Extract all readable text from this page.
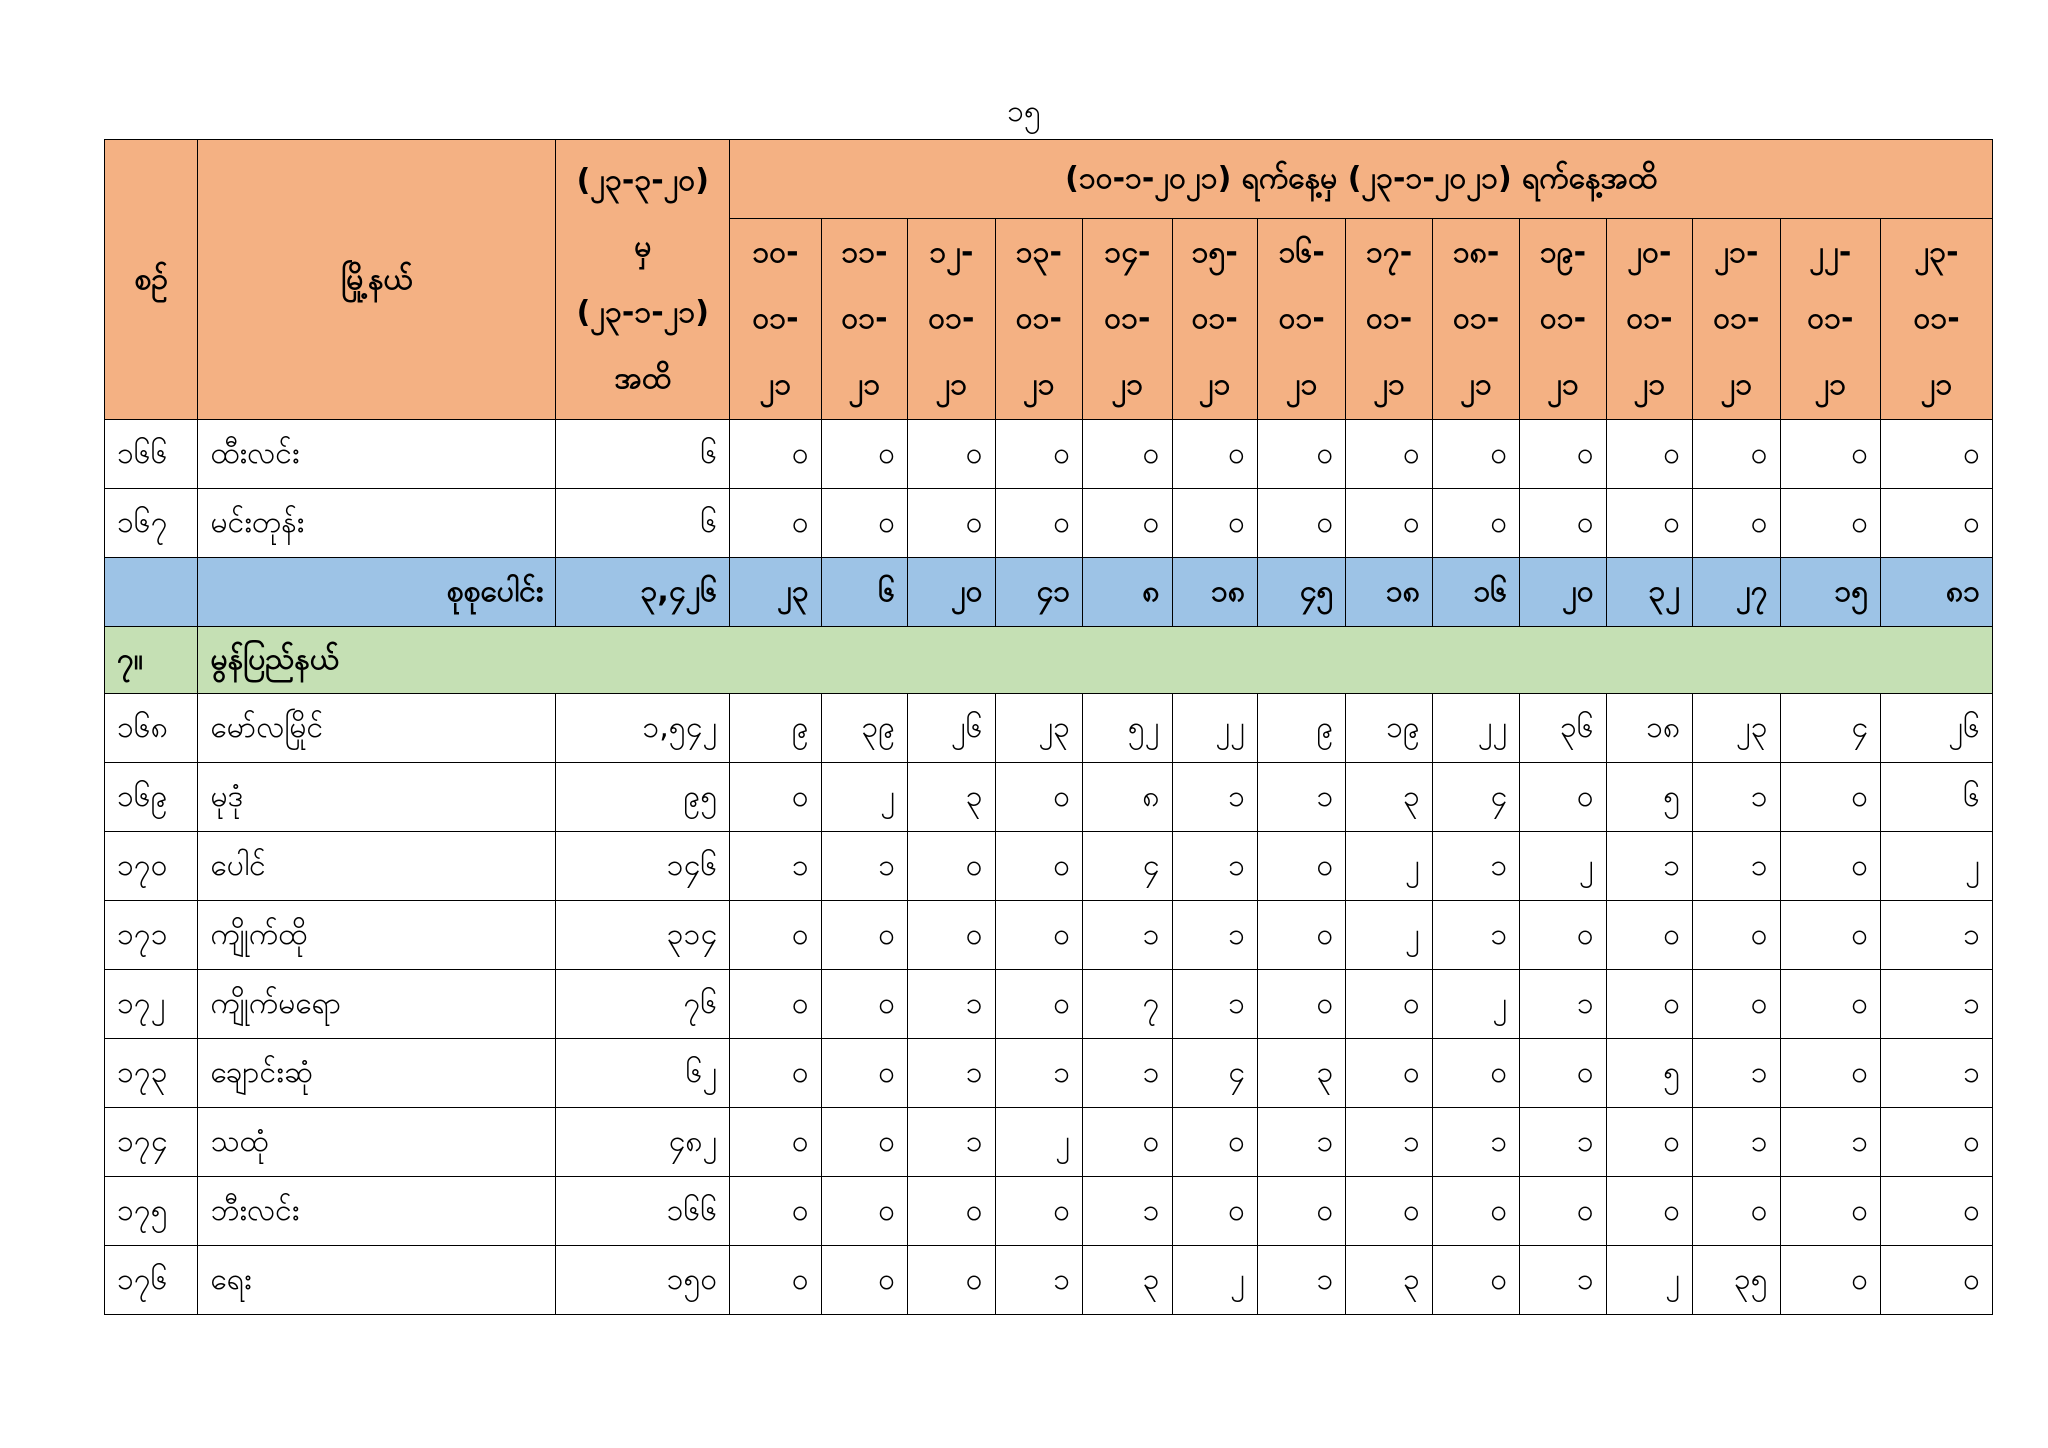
၁၅
စဉ်	မြို့နယ်	(၂၃-၃-၂၀)
မှ
(၂၃-၁-၂၁)
အထိ	(၁၀-၁-၂၀၂၁) ရက်နေ့မှ (၂၃-၁-၂၀၂၁) ရက်နေ့အထိ													

			၁၀-
၀၁-
၂၁	၁၁-
၀၁-
၂၁	၁၂-
၀၁-
၂၁	၁၃-
၀၁-
၂၁	၁၄-
၀၁-
၂၁	၁၅-
၀၁-
၂၁	၁၆-
၀၁-
၂၁	၁၇-
၀၁-
၂၁	၁၈-
၀၁-
၂၁	၁၉-
၀၁-
၂၁	၂၀-
၀၁-
၂၁	၂၁-
၀၁-
၂၁	၂၂-
၀၁-
၂၁	၂၃-
၀၁-
၂၁

၁၆၆	ထီးလင်း	၆	၀	၀	၀	၀	၀	၀	၀	၀	၀	၀	၀	၀	၀	၀
၁၆၇	မင်းတုန်း	၆	၀	၀	၀	၀	၀	၀	၀	၀	၀	၀	၀	၀	၀	၀
	စုစုပေါင်း	၃,၄၂၆	၂၃	၆	၂၀	၄၁	၈	၁၈	၄၅	၁၈	၁၆	၂၀	၃၂	၂၇	၁၅	၈၁
၇။	မွန်ပြည်နယ်															
၁၆၈	မော်လမြိုင်	၁,၅၄၂	၉	၃၉	၂၆	၂၃	၅၂	၂၂	၉	၁၉	၂၂	၃၆	၁၈	၂၃	၄	၂၆
၁၆၉	မုဒုံ	၉၅	၀	၂	၃	၀	၈	၁	၁	၃	၄	၀	၅	၁	၀	၆
၁၇၀	ပေါင်	၁၄၆	၁	၁	၀	၀	၄	၁	၀	၂	၁	၂	၁	၁	၀	၂
၁၇၁	ကျိုက်ထို	၃၁၄	၀	၀	၀	၀	၁	၁	၀	၂	၁	၀	၀	၀	၀	၁
၁၇၂	ကျိုက်မရော	၇၆	၀	၀	၁	၀	၇	၁	၀	၀	၂	၁	၀	၀	၀	၁
၁၇၃	ချောင်းဆုံ	၆၂	၀	၀	၁	၁	၁	၄	၃	၀	၀	၀	၅	၁	၀	၁
၁၇၄	သထုံ	၄၈၂	၀	၀	၁	၂	၀	၀	၁	၁	၁	၁	၀	၁	၁	၀
၁၇၅	ဘီးလင်း	၁၆၆	၀	၀	၀	၀	၁	၀	၀	၀	၀	၀	၀	၀	၀	၀
၁၇၆	ရေး	၁၅၀	၀	၀	၀	၁	၃	၂	၁	၃	၀	၁	၂	၃၅	၀	၀
